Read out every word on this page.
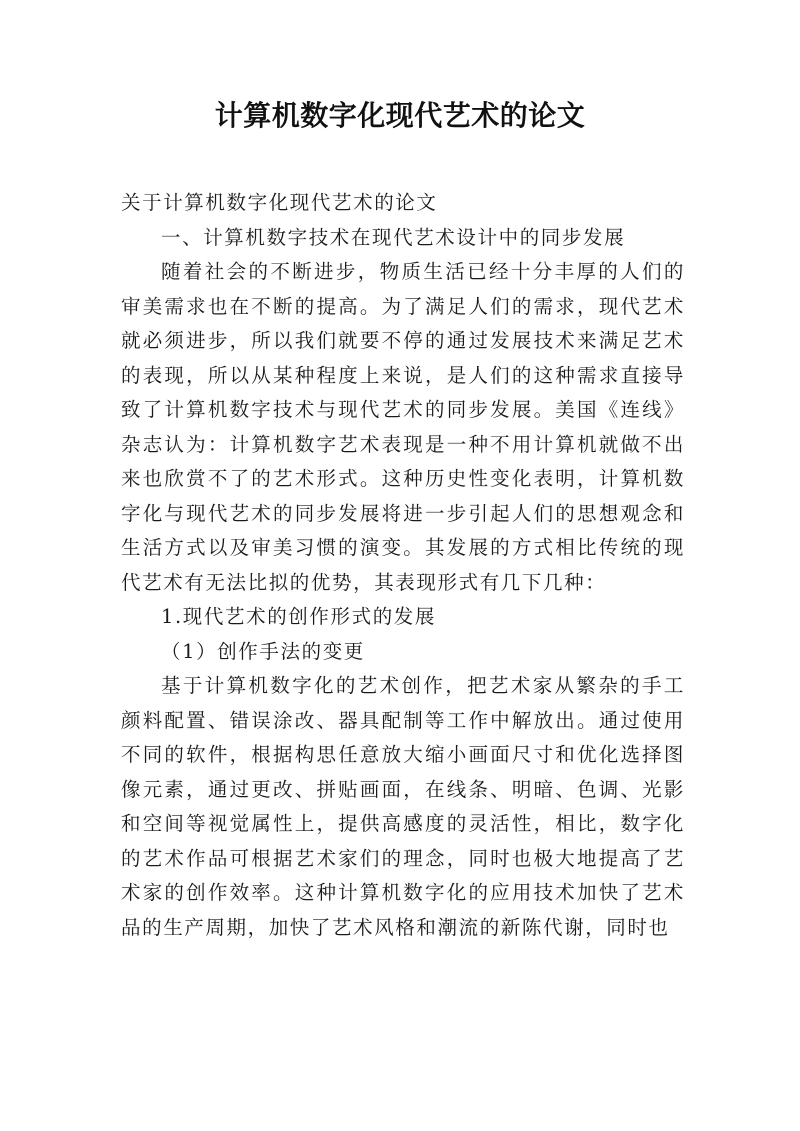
计算机数字化现代艺术的论文

关于计算机数字化现代艺术的论文

一、计算机数字技术在现代艺术设计中的同步发展

随着社会的不断进步，物质生活已经十分丰厚的人们的审美需求也在不断的提高。为了满足人们的需求，现代艺术就必须进步，所以我们就要不停的通过发展技术来满足艺术的表现，所以从某种程度上来说，是人们的这种需求直接导致了计算机数字技术与现代艺术的同步发展。美国《连线》杂志认为：计算机数字艺术表现是一种不用计算机就做不出来也欣赏不了的艺术形式。这种历史性变化表明，计算机数字化与现代艺术的同步发展将进一步引起人们的思想观念和生活方式以及审美习惯的演变。其发展的方式相比传统的现代艺术有无法比拟的优势，其表现形式有几下几种：

1.现代艺术的创作形式的发展

（1）创作手法的变更

基于计算机数字化的艺术创作，把艺术家从繁杂的手工颜料配置、错误涂改、器具配制等工作中解放出。通过使用不同的软件，根据构思任意放大缩小画面尺寸和优化选择图像元素，通过更改、拼贴画面，在线条、明暗、色调、光影和空间等视觉属性上，提供高感度的灵活性，相比，数字化的艺术作品可根据艺术家们的理念，同时也极大地提高了艺术家的创作效率。这种计算机数字化的应用技术加快了艺术品的生产周期，加快了艺术风格和潮流的新陈代谢，同时也
